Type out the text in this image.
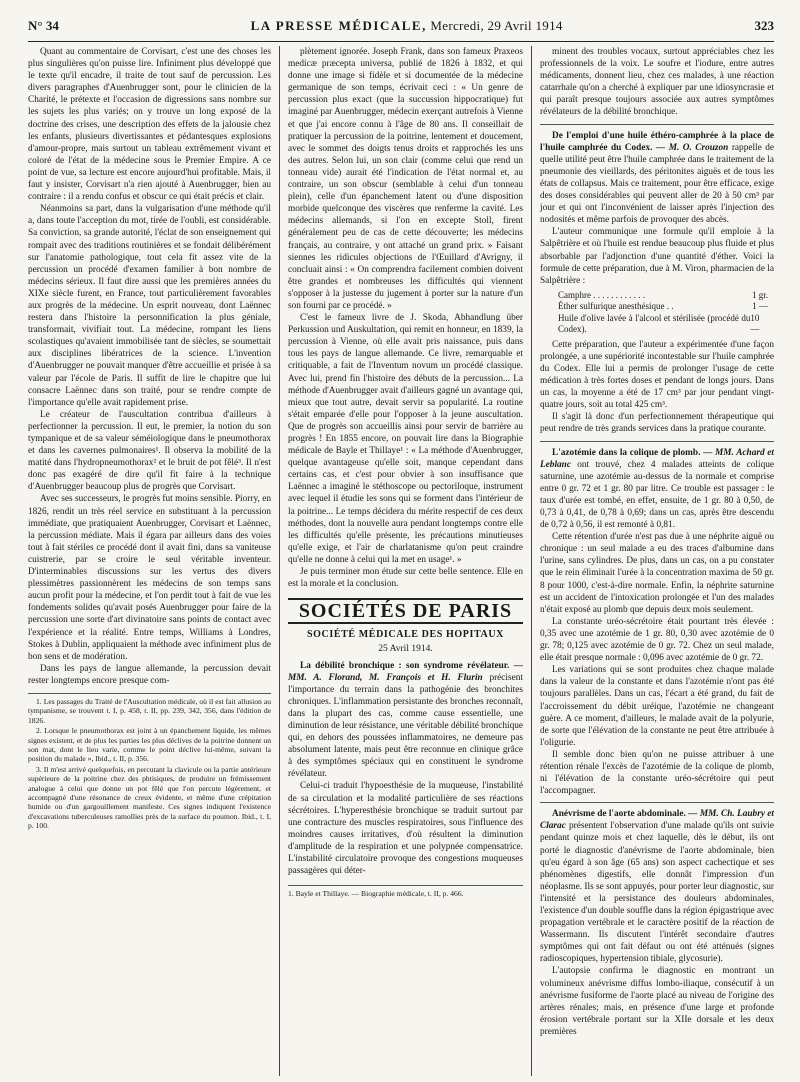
N° 34	LA PRESSE MÉDICALE, Mercredi, 29 Avril 1914	323

Quant au commentaire de Corvisart, c'est une des choses les plus singulières qu'on puisse lire. Infiniment plus développé que le texte qu'il encadre, il traite de tout sauf de percussion. Les divers paragraphes d'Auenbrugger sont, pour le clinicien de la Charité, le prétexte et l'occasion de digressions sans nombre sur les sujets les plus variés; on y trouve un long exposé de la doctrine des crises, une description des effets de la jalousie chez les enfants, plusieurs divertissantes et pédantesques explosions d'amour-propre, mais surtout un tableau extrêmement vivant et coloré de l'état de la médecine sous le Premier Empire. A ce point de vue, sa lecture est encore aujourd'hui profitable. Mais, il faut y insister, Corvisart n'a rien ajouté à Auenbrugger, bien au contraire : il a rendu confus et obscur ce qui était précis et clair.

Néanmoins sa part, dans la vulgarisation d'une méthode qu'il a, dans toute l'acception du mot, tirée de l'oubli, est considérable. Sa conviction, sa grande autorité, l'éclat de son enseignement qui rompait avec des traditions routinières et se fondait délibérément sur l'anatomie pathologique, tout cela fit assez vite de la percussion un procédé d'examen familier à bon nombre de médecins sérieux. Il faut dire aussi que les premières années du XIXe siècle furent, en France, tout particulièrement favorables aux progrès de la médecine. Un esprit nouveau, dont Laënnec restera dans l'histoire la personnification la plus géniale, transformait, vivifiait tout. La médecine, rompant les liens scolastiques qu'avaient immobilisée tant de siècles, se soumettait aux disciplines libératrices de la science. L'invention d'Auenbrugger ne pouvait manquer d'être accueillie et prisée à sa valeur par l'école de Paris. Il suffit de lire le chapitre que lui consacre Laënnec dans son traité, pour se rendre compte de l'importance qu'elle avait rapidement prise.

Le créateur de l'auscultation contribua d'ailleurs à perfectionner la percussion. Il eut, le premier, la notion du son tympanique et de sa valeur séméiologique dans le pneumothorax et dans les cavernes pulmonaires¹. Il observa la mobilité de la matité dans l'hydropneumothorax² et le bruit de pot fêlé³. Il n'est donc pas exagéré de dire qu'il fit faire à la technique d'Auenbrugger beaucoup plus de progrès que Corvisart.

Avec ses successeurs, le progrès fut moins sensible. Piorry, en 1826, rendit un très réel service en substituant à la percussion immédiate, que pratiquaient Auenbrugger, Corvisart et Laënnec, la percussion médiate. Mais il égara par ailleurs dans des voies tout à fait stériles ce procédé dont il avait fini, dans sa vaniteuse cuistrerie, par se croire le seul véritable inventeur. D'interminables discussions sur les vertus des divers plessimètres passionnèrent les médecins de son temps sans aucun profit pour la médecine, et l'on perdit tout à fait de vue les fondements solides qu'avait posés Auenbrugger pour faire de la percussion une sorte d'art divinatoire sans points de contact avec l'expérience et la réalité. Entre temps, Williams à Londres, Stokes à Dublin, appliquaient la méthode avec infiniment plus de bon sens et de modération.

Dans les pays de langue allemande, la percussion devait rester longtemps encore presque com-

1. Les passages du Traité de l'Auscultation médicale, où il est fait allusion au tympanisme, se trouvent t. I, p. 458, t. II, pp. 239, 342, 356, dans l'édition de 1826.

2. Lorsque le pneumothorax est joint à un épanchement liquide, les mêmes signes existent, et de plus les parties les plus déclives de la poitrine donnent un son mat, dont le lieu varie, comme le point déclive lui-même, suivant la position du malade », Ibid., t. II, p. 356.

3. Il m'est arrivé quelquefois, en percutant la clavicule ou la partie antérieure supérieure de la poitrine chez des phtisiques, de produire un frémissement analogue à celui que donne un pot fêlé que l'on percute légèrement, et accompagné d'une résonance de creux évidente, et même d'une crépitation humide ou d'un gargouillement manifeste. Ces signes indiquent l'existence d'excavations tuberculeuses ramollies près de la surface du poumon. Ibid., t. I, p. 100.

plètement ignorée. Joseph Frank, dans son fameux Praxeos medicæ præcepta universa, publié de 1826 à 1832, et qui donne une image si fidèle et si documentée de la médecine germanique de son temps, écrivait ceci : « Un genre de percussion plus exact (que la succussion hippocratique) fut imaginé par Auenbrugger, médecin exerçant autrefois à Vienne et que j'ai encore connu à l'âge de 80 ans. Il conseillait de pratiquer la percussion de la poitrine, lentement et doucement, avec le sommet des doigts tenus droits et rapprochés les uns des autres. Selon lui, un son clair (comme celui que rend un tonneau vide) aurait été l'indication de l'état normal et, au contraire, un son obscur (semblable à celui d'un tonneau plein), celle d'un épanchement latent ou d'une disposition morbide quelconque des viscères que renferme la cavité. Les médecins allemands, si l'on en excepte Stoll, firent généralement peu de cas de cette découverte; les médecins français, au contraire, y ont attaché un grand prix. » Faisant siennes les ridicules objections de l'Œuillard d'Avrigny, il concluait ainsi : « On comprendra facilement combien doivent être grandes et nombreuses les difficultés qui viennent s'opposer à la justesse du jugement à porter sur la nature d'un son fourni par ce procédé. »

C'est le fameux livre de J. Skoda, Abhandlung über Perkussion und Auskultation, qui remit en honneur, en 1839, la percussion à Vienne, où elle avait pris naissance, puis dans tous les pays de langue allemande. Ce livre, remarquable et critiquable, a fait de l'Inventum novum un procédé classique. Avec lui, prend fin l'histoire des débuts de la percussion... La méthode d'Auenbrugger avait d'ailleurs gagné un avantage qui, mieux que tout autre, devait servir sa popularité. La routine s'était emparée d'elle pour l'opposer à la jeune auscultation. Que de progrès son accueillis ainsi pour servir de barrière au progrès ! En 1855 encore, on pouvait lire dans la Biographie médicale de Bayle et Thillaye¹ : « La méthode d'Auenbrugger, quelque avantageuse qu'elle soit, manque cependant dans certains cas, et c'est pour obvier à son insuffisance que Laënnec a imaginé le stéthoscope ou pectoriloque, instrument avec lequel il étudie les sons qui se forment dans l'intérieur de la poitrine... Le temps décidera du mérite respectif de ces deux méthodes, dont la nouvelle aura pendant longtemps contre elle les difficultés qu'elle présente, les précautions minutieuses qu'elle exige, et l'air de charlatanisme qu'on peut craindre qu'elle ne donne à celui qui la met en usage¹. »

Je puis terminer mon étude sur cette belle sentence. Elle en est la morale et la conclusion.

SOCIÉTÉS DE PARIS
SOCIÉTÉ MÉDICALE DES HOPITAUX
25 Avril 1914.

La débilité bronchique : son syndrome révélateur. — MM. A. Florand, M. François et H. Flurin précisent l'importance du terrain dans la pathogénie des bronchites chroniques. L'inflammation persistante des bronches reconnaît, dans la plupart des cas, comme cause essentielle, une diminution de leur résistance, une véritable débilité bronchique qui, en dehors des poussées inflammatoires, ne demeure pas absolument latente, mais peut être reconnue en clinique grâce à des symptômes spéciaux qui en constituent le syndrome révélateur.

Celui-ci traduit l'hypoesthésie de la muqueuse, l'instabilité de sa circulation et la modalité particulière de ses réactions sécrétoires. L'hyperesthésie bronchique se traduit surtout par une contracture des muscles respiratoires, sous l'influence des moindres causes irritatives, d'où résultent la diminution d'amplitude de la respiration et une polypnée compensatrice. L'instabilité circulatoire provoque des congestions muqueuses passagères qui déter-

1. Bayle et Thillaye. — Biographie médicale, t. II, p. 466.

minent des troubles vocaux, surtout appréciables chez les professionnels de la voix. Le soufre et l'iodure, entre autres médicaments, donnent lieu, chez ces malades, à une réaction catarrhale qu'on a cherché à expliquer par une idiosyncrasie et qui paraît presque toujours associée aux autres symptômes révélateurs de la débilité bronchique.

De l'emploi d'une huile éthéro-camphrée à la place de l'huile camphrée du Codex. — M. O. Crouzon rappelle de quelle utilité peut être l'huile camphrée dans le traitement de la pneumonie des vieillards, des péritonites aiguës et de tous les états de collapsus. Mais ce traitement, pour être efficace, exige des doses considérables qui peuvent aller de 20 à 50 cm³ par jour et qui ont l'inconvénient de laisser après l'injection des nodosités et même parfois de provoquer des abcès.

L'auteur communique une formule qu'il emploie à la Salpêtrière et où l'huile est rendue beaucoup plus fluide et plus absorbable par l'adjonction d'une quantité d'éther. Voici la formule de cette préparation, due à M. Viron, pharmacien de la Salpêtrière :

Camphre . . . . . . . . . . . .	1 gr.
Éther sulfurique anesthésique . .	1 —
Huile d'olive lavée à l'alcool et stérilisée (procédé du Codex).
10 —

Cette préparation, que l'auteur a expérimentée d'une façon prolongée, a une supériorité incontestable sur l'huile camphrée du Codex. Elle lui a permis de prolonger l'usage de cette médication à très fortes doses et pendant de longs jours. Dans un cas, la moyenne a été de 17 cm³ par jour pendant vingt-quatre jours, soit au total 425 cm³.

Il s'agit là donc d'un perfectionnement thérapeutique qui peut rendre de très grands services dans la pratique courante.

L'azotémie dans la colique de plomb. — MM. Achard et Leblanc ont trouvé, chez 4 malades atteints de colique saturnine, une azotémie au-dessus de la normale et comprise entre 0 gr. 72 et 1 gr. 80 par litre. Ce trouble est passager : le taux d'urée est tombé, en effet, ensuite, de 1 gr. 80 à 0,50, de 0,73 à 0,41, de 0,78 à 0,69; dans un cas, après être descendu de 0,72 à 0,56, il est remonté à 0,81.

Cette rétention d'urée n'est pas due à une néphrite aiguë ou chronique : un seul malade a eu des traces d'albumine dans l'urine, sans cylindres. De plus, dans un cas, on a pu constater que le rein éliminait l'urée à la concentration maxima de 50 gr. 8 pour 1000, c'est-à-dire normale. Enfin, la néphrite saturnine est un accident de l'intoxication prolongée et l'un des malades n'était exposé au plomb que depuis deux mois seulement.

La constante uréo-sécrétoire était pourtant très élevée : 0,35 avec une azotémie de 1 gr. 80, 0,30 avec azotémie de 0 gr. 78; 0,125 avec azotémie de 0 gr. 72. Chez un seul malade, elle était presque normale : 0,096 avec azotémie de 0 gr. 72.

Les variations qui se sont produites chez chaque malade dans la valeur de la constante et dans l'azotémie n'ont pas été toujours parallèles. Dans un cas, l'écart a été grand, du fait de l'accroissement du débit uréique, l'azotémie ne changeant guère. A ce moment, d'ailleurs, le malade avait de la polyurie, de sorte que l'élévation de la constante ne peut être attribuée à l'oligurie.

Il semble donc bien qu'on ne puisse attribuer à une rétention rénale l'excès de l'azotémie de la colique de plomb, ni l'élévation de la constante uréo-sécrétoire qui peut l'accompagner.

Anévrisme de l'aorte abdominale. — MM. Ch. Laubry et Clarac présentent l'observation d'une malade qu'ils ont suivie pendant quinze mois et chez laquelle, dès le début, ils ont porté le diagnostic d'anévrisme de l'aorte abdominale, bien qu'eu égard à son âge (65 ans) son aspect cachectique et ses phénomènes digestifs, elle donnât l'impression d'un néoplasme. Ils se sont appuyés, pour porter leur diagnostic, sur l'intensité et la persistance des douleurs abdominales, l'existence d'un double souffle dans la région épigastrique avec propagation vertébrale et le caractère positif de la réaction de Wassermann. Ils discutent l'intérêt secondaire d'autres symptômes qui ont fait défaut ou ont été atténués (signes radioscopiques, hypertension tibiale, glycosurie).

L'autopsie confirma le diagnostic en montrant un volumineux anévrisme diffus lombo-iliaque, consécutif à un anévrisme fusiforme de l'aorte placé au niveau de l'origine des artères rénales; mais, en présence d'une large et profonde érosion vertébrale portant sur la XIIe dorsale et les deux premières
